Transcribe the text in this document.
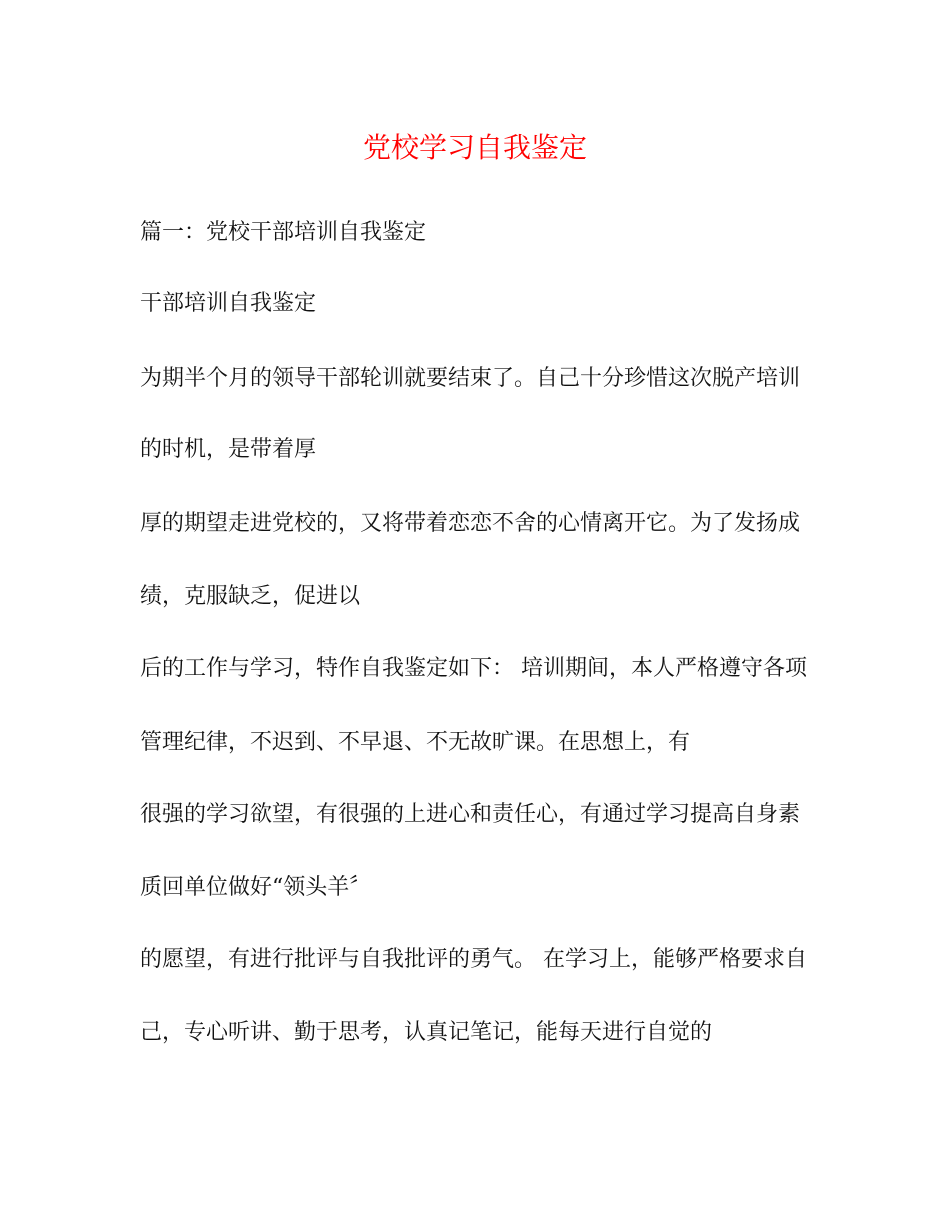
党校学习自我鉴定

篇一：党校干部培训自我鉴定

干部培训自我鉴定

为期半个月的领导干部轮训就要结束了。自己十分珍惜这次脱产培训

的时机，是带着厚

厚的期望走进党校的，又将带着恋恋不舍的心情离开它。为了发扬成

绩，克服缺乏，促进以

后的工作与学习，特作自我鉴定如下： 培训期间，本人严格遵守各项

管理纪律，不迟到、不早退、不无故旷课。在思想上，有

很强的学习欲望，有很强的上进心和责任心，有通过学习提高自身素

质回单位做好“领头羊〞

的愿望，有进行批评与自我批评的勇气。 在学习上，能够严格要求自

己，专心听讲、勤于思考，认真记笔记，能每天进行自觉的
